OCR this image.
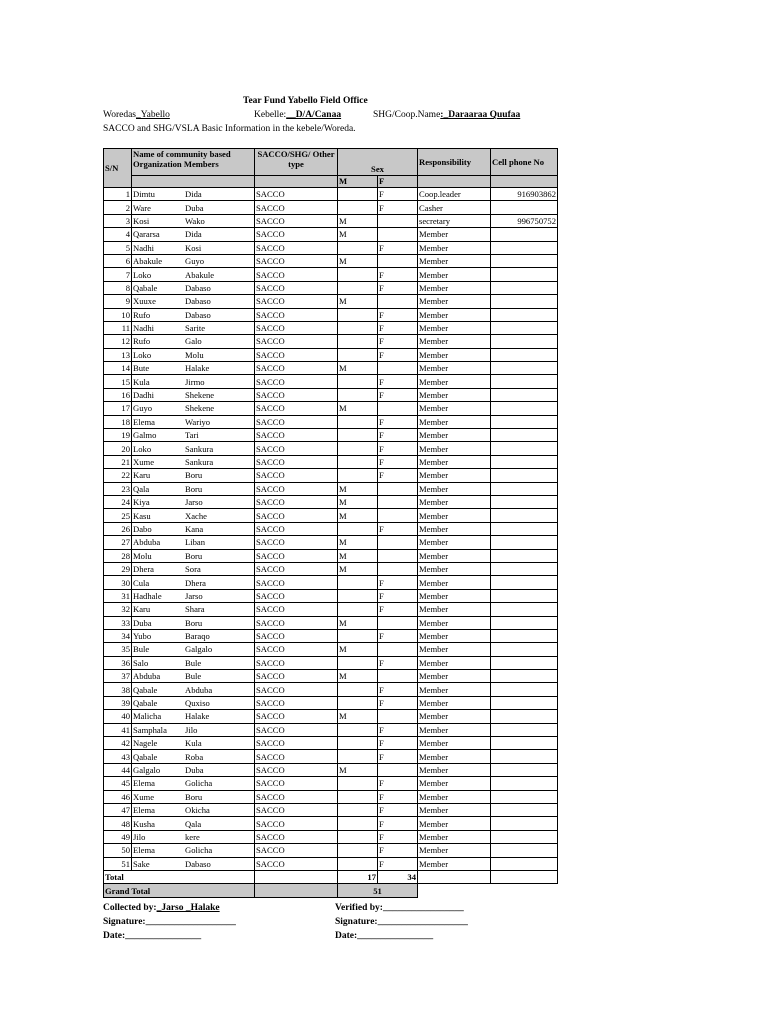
Tear Fund Yabello Field Office
Woredas_Yabello	Kebelle:__D/A/Canaa	SHG/Coop.Name:_Daraaraa Quufaa
SACCO and SHG/VSLA Basic Information in the kebele/Woreda.
S/N	Name of community based Organization Members	SACCO/SHG/ Other type	Sex		Responsibility	Cell phone No
			M	F		
1	Dimtu Dida	SACCO		F	Coop.leader	916903862
2	Ware Duba	SACCO		F	Casher	
3	Kosi Wako	SACCO	M		secretary	996750752
4	Qararsa Dida	SACCO	M		Member	
5	Nadhi Kosi	SACCO		F	Member	
6	Abakule Guyo	SACCO	M		Member	
7	Loko Abakule	SACCO		F	Member	
8	Qabale Dabaso	SACCO		F	Member	
9	Xuuxe Dabaso	SACCO	M		Member	
10	Rufo Dabaso	SACCO		F	Member	
11	Nadhi Sarite	SACCO		F	Member	
12	Rufo Galo	SACCO		F	Member	
13	Loko Molu	SACCO		F	Member	
14	Bute Halake	SACCO	M		Member	
15	Kula Jirmo	SACCO		F	Member	
16	Dadhi Shekene	SACCO		F	Member	
17	Guyo Shekene	SACCO	M		Member	
18	Elema Wariyo	SACCO		F	Member	
19	Galmo Tari	SACCO		F	Member	
20	Loko Sankura	SACCO		F	Member	
21	Xume Sankura	SACCO		F	Member	
22	Karu Boru	SACCO		F	Member	
23	Qala Boru	SACCO	M		Member	
24	Kiya Jarso	SACCO	M		Member	
25	Kasu Xache	SACCO	M		Member	
26	Dabo Kana	SACCO		F	Member	
27	Abduba Liban	SACCO	M		Member	
28	Molu Boru	SACCO	M		Member	
29	Dhera Sora	SACCO	M		Member	
30	Cula Dhera	SACCO		F	Member	
31	Hadhale Jarso	SACCO		F	Member	
32	Karu Shara	SACCO		F	Member	
33	Duba Boru	SACCO	M		Member	
34	Yubo Baraqo	SACCO		F	Member	
35	Bule Galgalo	SACCO	M		Member	
36	Salo Bule	SACCO		F	Member	
37	Abduba Bule	SACCO	M		Member	
38	Qabale Abduba	SACCO		F	Member	
39	Qabale Quxiso	SACCO		F	Member	
40	Malicha Halake	SACCO	M		Member	
41	Samphala Jilo	SACCO		F	Member	
42	Nagele Kula	SACCO		F	Member	
43	Qabale Roba	SACCO		F	Member	
44	Galgalo Duba	SACCO	M		Member	
45	Elema Golicha	SACCO		F	Member	
46	Xume Boru	SACCO		F	Member	
47	Elema Okicha	SACCO		F	Member	
48	Kusha Qala	SACCO		F	Member	
49	Jilo kere	SACCO		F	Member	
50	Elema Golicha	SACCO		F	Member	
51	Sake Dabaso	SACCO		F	Member	
Total			17	34		
Grand Total			51			
Collected by:_Jarso _Halake	Verified by:_________________
Signature:___________________	Signature:___________________
Date:________________	Date:________________
